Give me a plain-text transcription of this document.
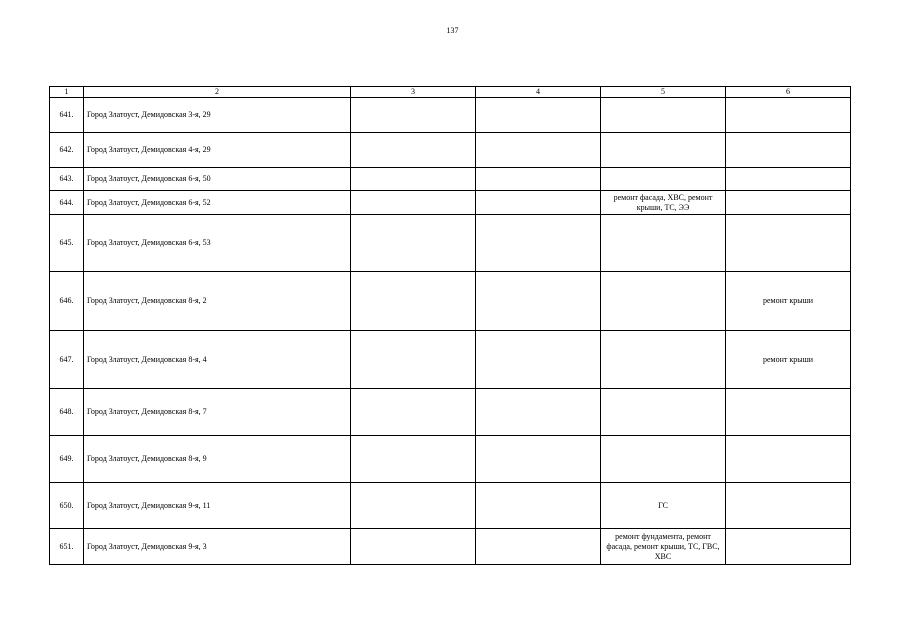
137
1	2	3	4	5	6
641.	Город Златоуст, Демидовская 3-я, 29				
642.	Город Златоуст, Демидовская 4-я, 29				
643.	Город Златоуст, Демидовская 6-я, 50				
644.	Город Златоуст, Демидовская 6-я, 52			ремонт фасада, ХВС, ремонт крыши, ТС, ЭЭ	
645.	Город Златоуст, Демидовская 6-я, 53				
646.	Город Златоуст, Демидовская 8-я, 2				ремонт крыши
647.	Город Златоуст, Демидовская 8-я, 4				ремонт крыши
648.	Город Златоуст, Демидовская 8-я, 7				
649.	Город Златоуст, Демидовская 8-я, 9				
650.	Город Златоуст, Демидовская 9-я, 11			ГС	
651.	Город Златоуст, Демидовская 9-я, 3			ремонт фундамента, ремонт фасада, ремонт крыши, ТС, ГВС, ХВС	
